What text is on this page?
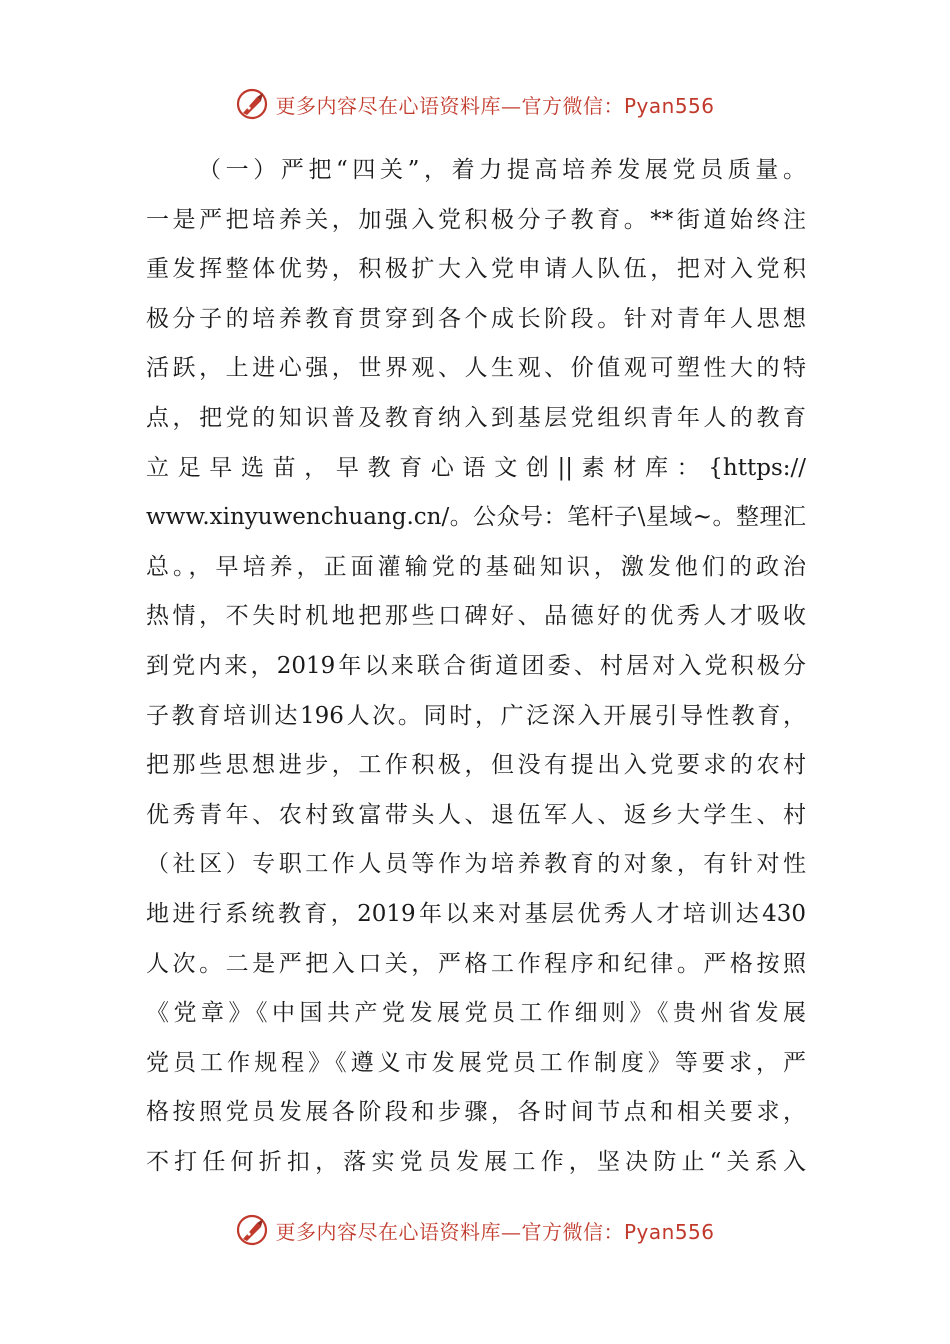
更多内容尽在心语资料库—官方微信：Pyan556
（一）严把“四关”，着力提高培养发展党员质量。
一是严把培养关，加强入党积极分子教育。**街道始终注
重发挥整体优势，积极扩大入党申请人队伍，把对入党积
极分子的培养教育贯穿到各个成长阶段。针对青年人思想
活跃，上进心强，世界观、人生观、价值观可塑性大的特
点，把党的知识普及教育纳入到基层党组织青年人的教育
立足早选苗，早教育心语文创||素材库：{https://
www.xinyuwenchuang.cn/。公众号：笔杆子\星域~。整理汇
总。，早培养，正面灌输党的基础知识，激发他们的政治
热情，不失时机地把那些口碑好、品德好的优秀人才吸收
到党内来，2019年以来联合街道团委、村居对入党积极分
子教育培训达196人次。同时，广泛深入开展引导性教育，
把那些思想进步，工作积极，但没有提出入党要求的农村
优秀青年、农村致富带头人、退伍军人、返乡大学生、村
（社区）专职工作人员等作为培养教育的对象，有针对性
地进行系统教育，2019年以来对基层优秀人才培训达430
人次。二是严把入口关，严格工作程序和纪律。严格按照
《党章》《中国共产党发展党员工作细则》《贵州省发展
党员工作规程》《遵义市发展党员工作制度》等要求，严
格按照党员发展各阶段和步骤，各时间节点和相关要求，
不打任何折扣，落实党员发展工作，坚决防止“关系入
更多内容尽在心语资料库—官方微信：Pyan556
